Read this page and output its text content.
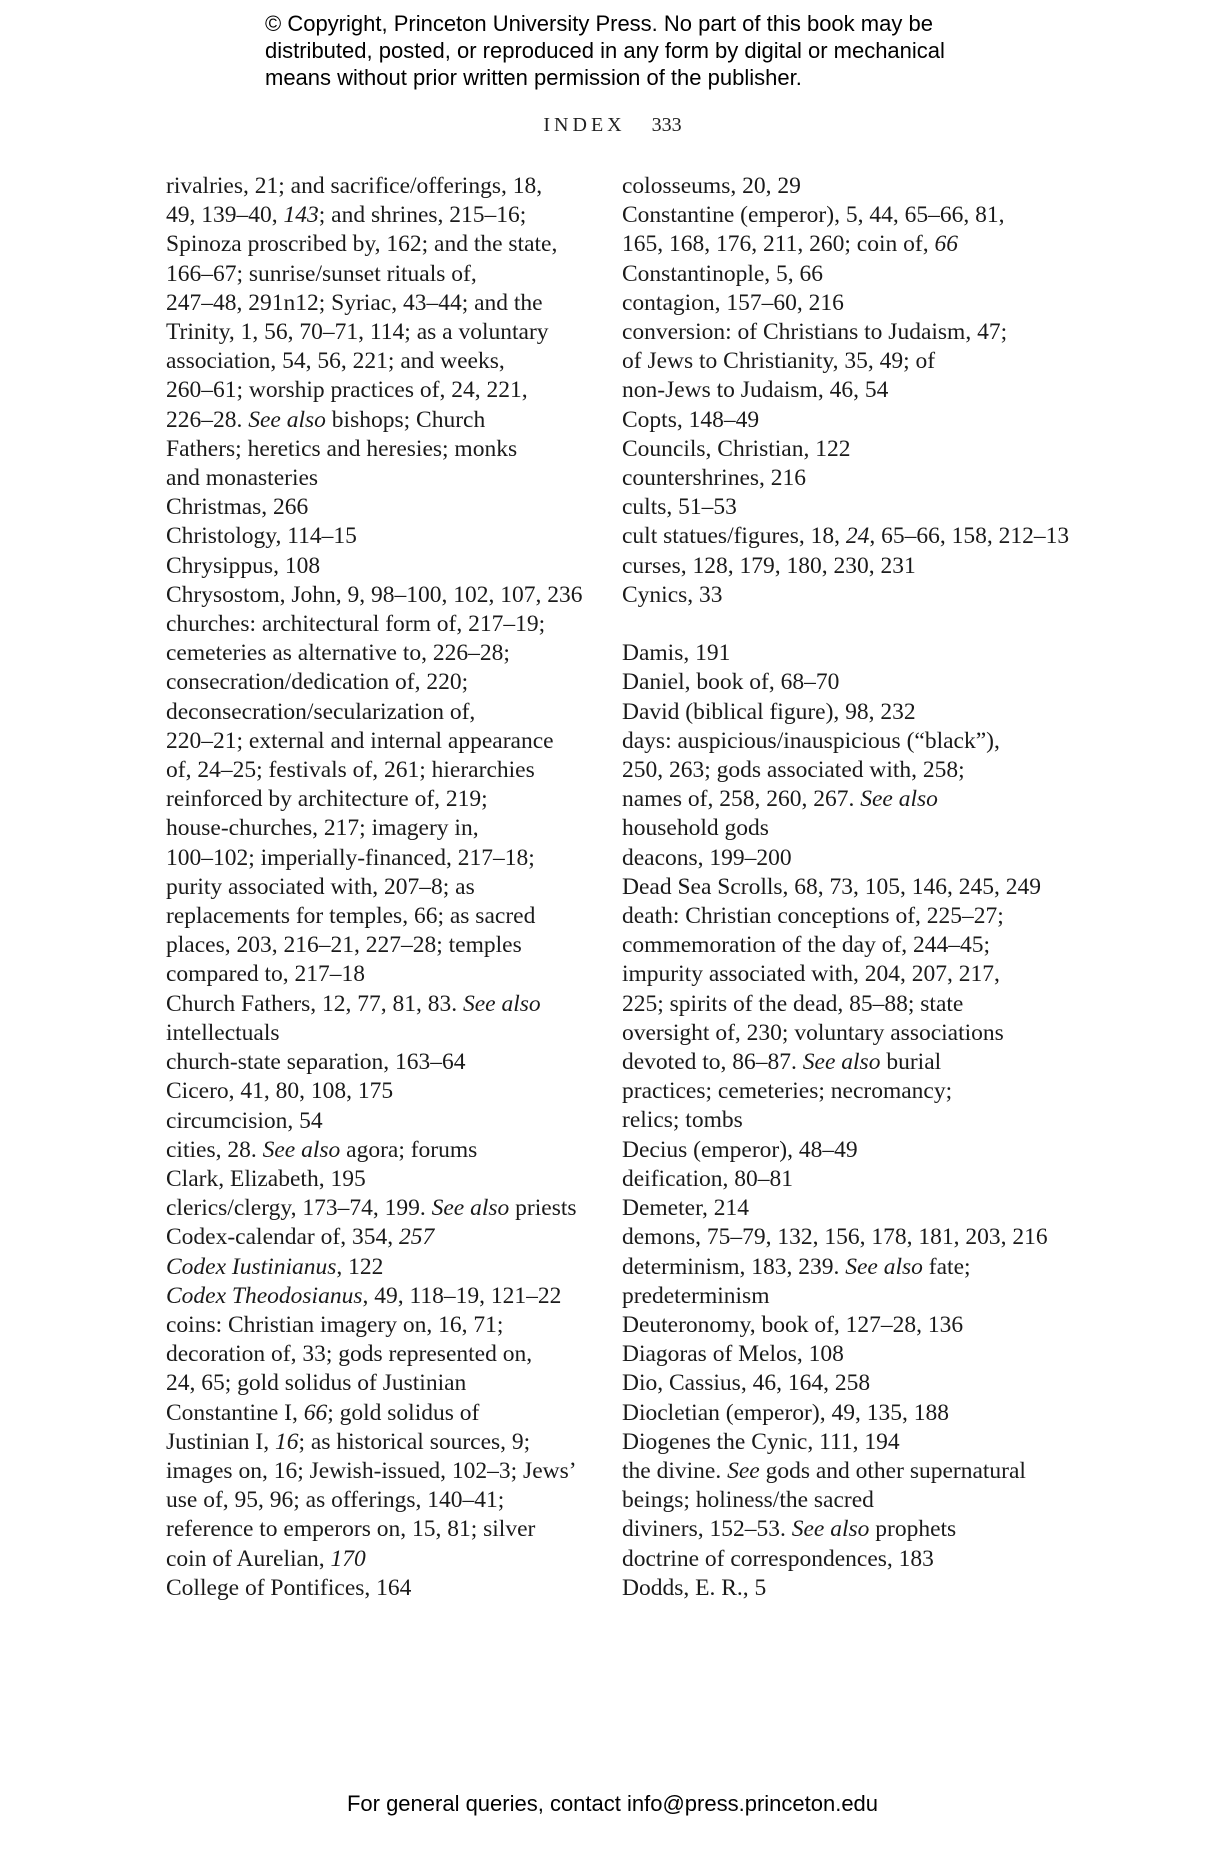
© Copyright, Princeton University Press. No part of this book may be
distributed, posted, or reproduced in any form by digital or mechanical
means without prior written permission of the publisher.
INDEX 333
rivalries, 21; and sacrifice/offerings, 18,
49, 139–40, 143; and shrines, 215–16;
Spinoza proscribed by, 162; and the state,
166–67; sunrise/sunset rituals of,
247–48, 291n12; Syriac, 43–44; and the
Trinity, 1, 56, 70–71, 114; as a voluntary
association, 54, 56, 221; and weeks,
260–61; worship practices of, 24, 221,
226–28. See also bishops; Church
Fathers; heretics and heresies; monks
and monasteries
Christmas, 266
Christology, 114–15
Chrysippus, 108
Chrysostom, John, 9, 98–100, 102, 107, 236
churches: architectural form of, 217–19;
cemeteries as alternative to, 226–28;
consecration/dedication of, 220;
deconsecration/secularization of,
220–21; external and internal appearance
of, 24–25; festivals of, 261; hierarchies
reinforced by architecture of, 219;
house-churches, 217; imagery in,
100–102; imperially-financed, 217–18;
purity associated with, 207–8; as
replacements for temples, 66; as sacred
places, 203, 216–21, 227–28; temples
compared to, 217–18
Church Fathers, 12, 77, 81, 83. See also
intellectuals
church-state separation, 163–64
Cicero, 41, 80, 108, 175
circumcision, 54
cities, 28. See also agora; forums
Clark, Elizabeth, 195
clerics/clergy, 173–74, 199. See also priests
Codex-calendar of, 354, 257
Codex Iustinianus, 122
Codex Theodosianus, 49, 118–19, 121–22
coins: Christian imagery on, 16, 71;
decoration of, 33; gods represented on,
24, 65; gold solidus of Justinian
Constantine I, 66; gold solidus of
Justinian I, 16; as historical sources, 9;
images on, 16; Jewish-issued, 102–3; Jews’
use of, 95, 96; as offerings, 140–41;
reference to emperors on, 15, 81; silver
coin of Aurelian, 170
College of Pontifices, 164
colosseums, 20, 29
Constantine (emperor), 5, 44, 65–66, 81,
165, 168, 176, 211, 260; coin of, 66
Constantinople, 5, 66
contagion, 157–60, 216
conversion: of Christians to Judaism, 47;
of Jews to Christianity, 35, 49; of
non-Jews to Judaism, 46, 54
Copts, 148–49
Councils, Christian, 122
countershrines, 216
cults, 51–53
cult statues/figures, 18, 24, 65–66, 158, 212–13
curses, 128, 179, 180, 230, 231
Cynics, 33
Damis, 191
Daniel, book of, 68–70
David (biblical figure), 98, 232
days: auspicious/inauspicious (“black”),
250, 263; gods associated with, 258;
names of, 258, 260, 267. See also
household gods
deacons, 199–200
Dead Sea Scrolls, 68, 73, 105, 146, 245, 249
death: Christian conceptions of, 225–27;
commemoration of the day of, 244–45;
impurity associated with, 204, 207, 217,
225; spirits of the dead, 85–88; state
oversight of, 230; voluntary associations
devoted to, 86–87. See also burial
practices; cemeteries; necromancy;
relics; tombs
Decius (emperor), 48–49
deification, 80–81
Demeter, 214
demons, 75–79, 132, 156, 178, 181, 203, 216
determinism, 183, 239. See also fate;
predeterminism
Deuteronomy, book of, 127–28, 136
Diagoras of Melos, 108
Dio, Cassius, 46, 164, 258
Diocletian (emperor), 49, 135, 188
Diogenes the Cynic, 111, 194
the divine. See gods and other supernatural
beings; holiness/the sacred
diviners, 152–53. See also prophets
doctrine of correspondences, 183
Dodds, E. R., 5
For general queries, contact info@press.princeton.edu
